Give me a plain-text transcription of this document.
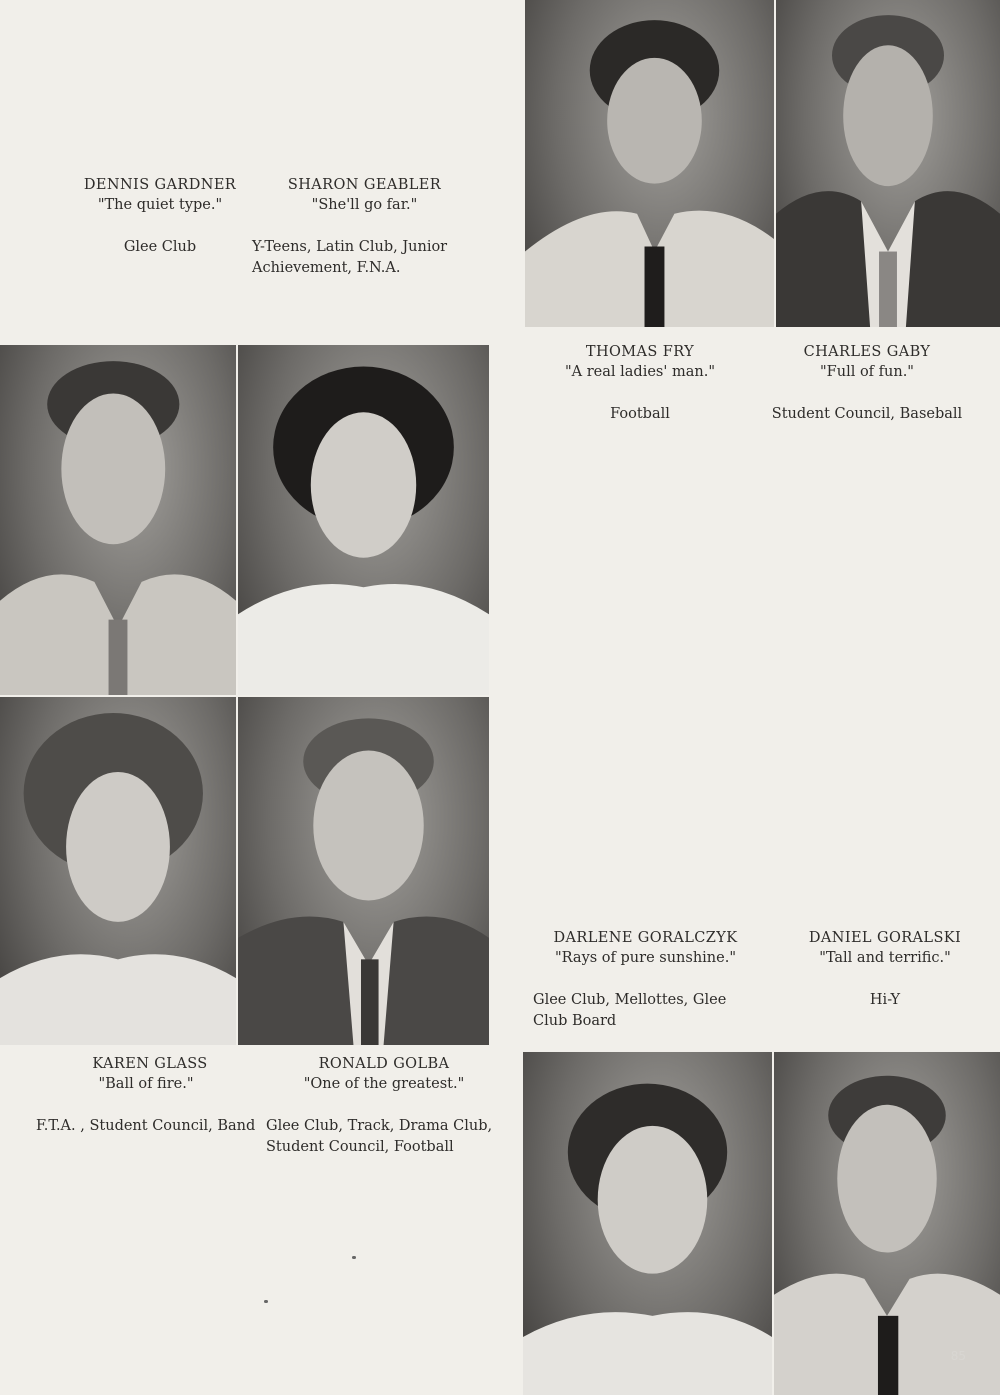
DENNIS GARDNER
"The quiet type."
Glee Club
SHARON GEABLER
"She'll go far."
Y-Teens, Latin Club, Junior Achievement, F.N.A.
THOMAS FRY
"A real ladies' man."
Football
CHARLES GABY
"Full of fun."
Student Council, Baseball
DARLENE GORALCZYK
"Rays of pure sunshine."
Glee Club, Mellottes, Glee Club Board
DANIEL GORALSKI
"Tall and terrific."
Hi-Y
KAREN GLASS
"Ball of fire."
F.T.A. , Student Council, Band
RONALD GOLBA
"One of the greatest."
Glee Club, Track, Drama Club, Student Council, Football
85
